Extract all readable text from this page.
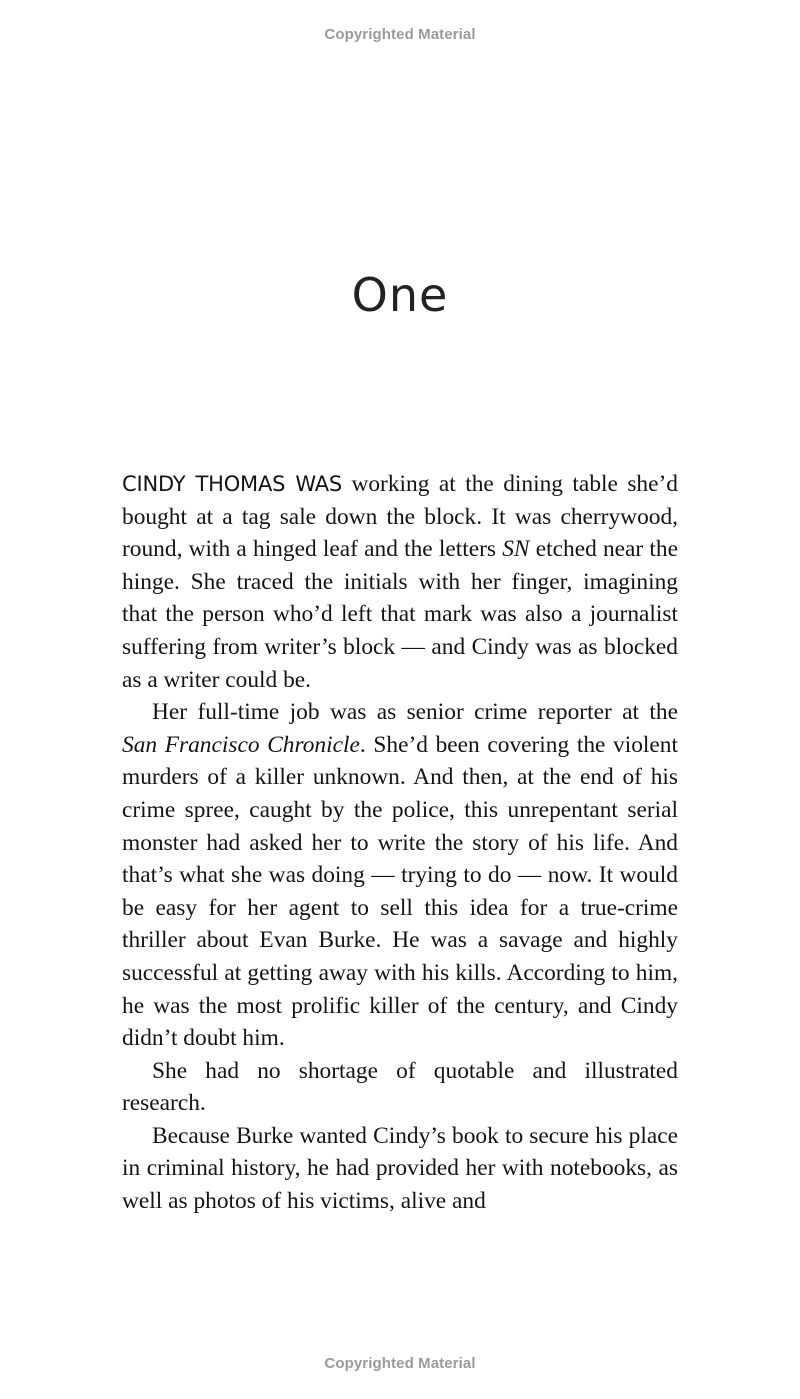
Copyrighted Material
One

CINDY THOMAS WAS working at the dining table she’d bought at a tag sale down the block. It was cherrywood, round, with a hinged leaf and the letters SN etched near the hinge. She traced the initials with her finger, imagining that the person who’d left that mark was also a journalist suffering from writer’s block — and Cindy was as blocked as a writer could be.

Her full-time job was as senior crime reporter at the San Francisco Chronicle. She’d been covering the violent murders of a killer unknown. And then, at the end of his crime spree, caught by the police, this unrepentant serial monster had asked her to write the story of his life. And that’s what she was doing — trying to do — now. It would be easy for her agent to sell this idea for a true-crime thriller about Evan Burke. He was a savage and highly successful at getting away with his kills. According to him, he was the most prolific killer of the century, and Cindy didn’t doubt him.

She had no shortage of quotable and illustrated research.

Because Burke wanted Cindy’s book to secure his place in criminal history, he had provided her with notebooks, as well as photos of his victims, alive and

Copyrighted Material
